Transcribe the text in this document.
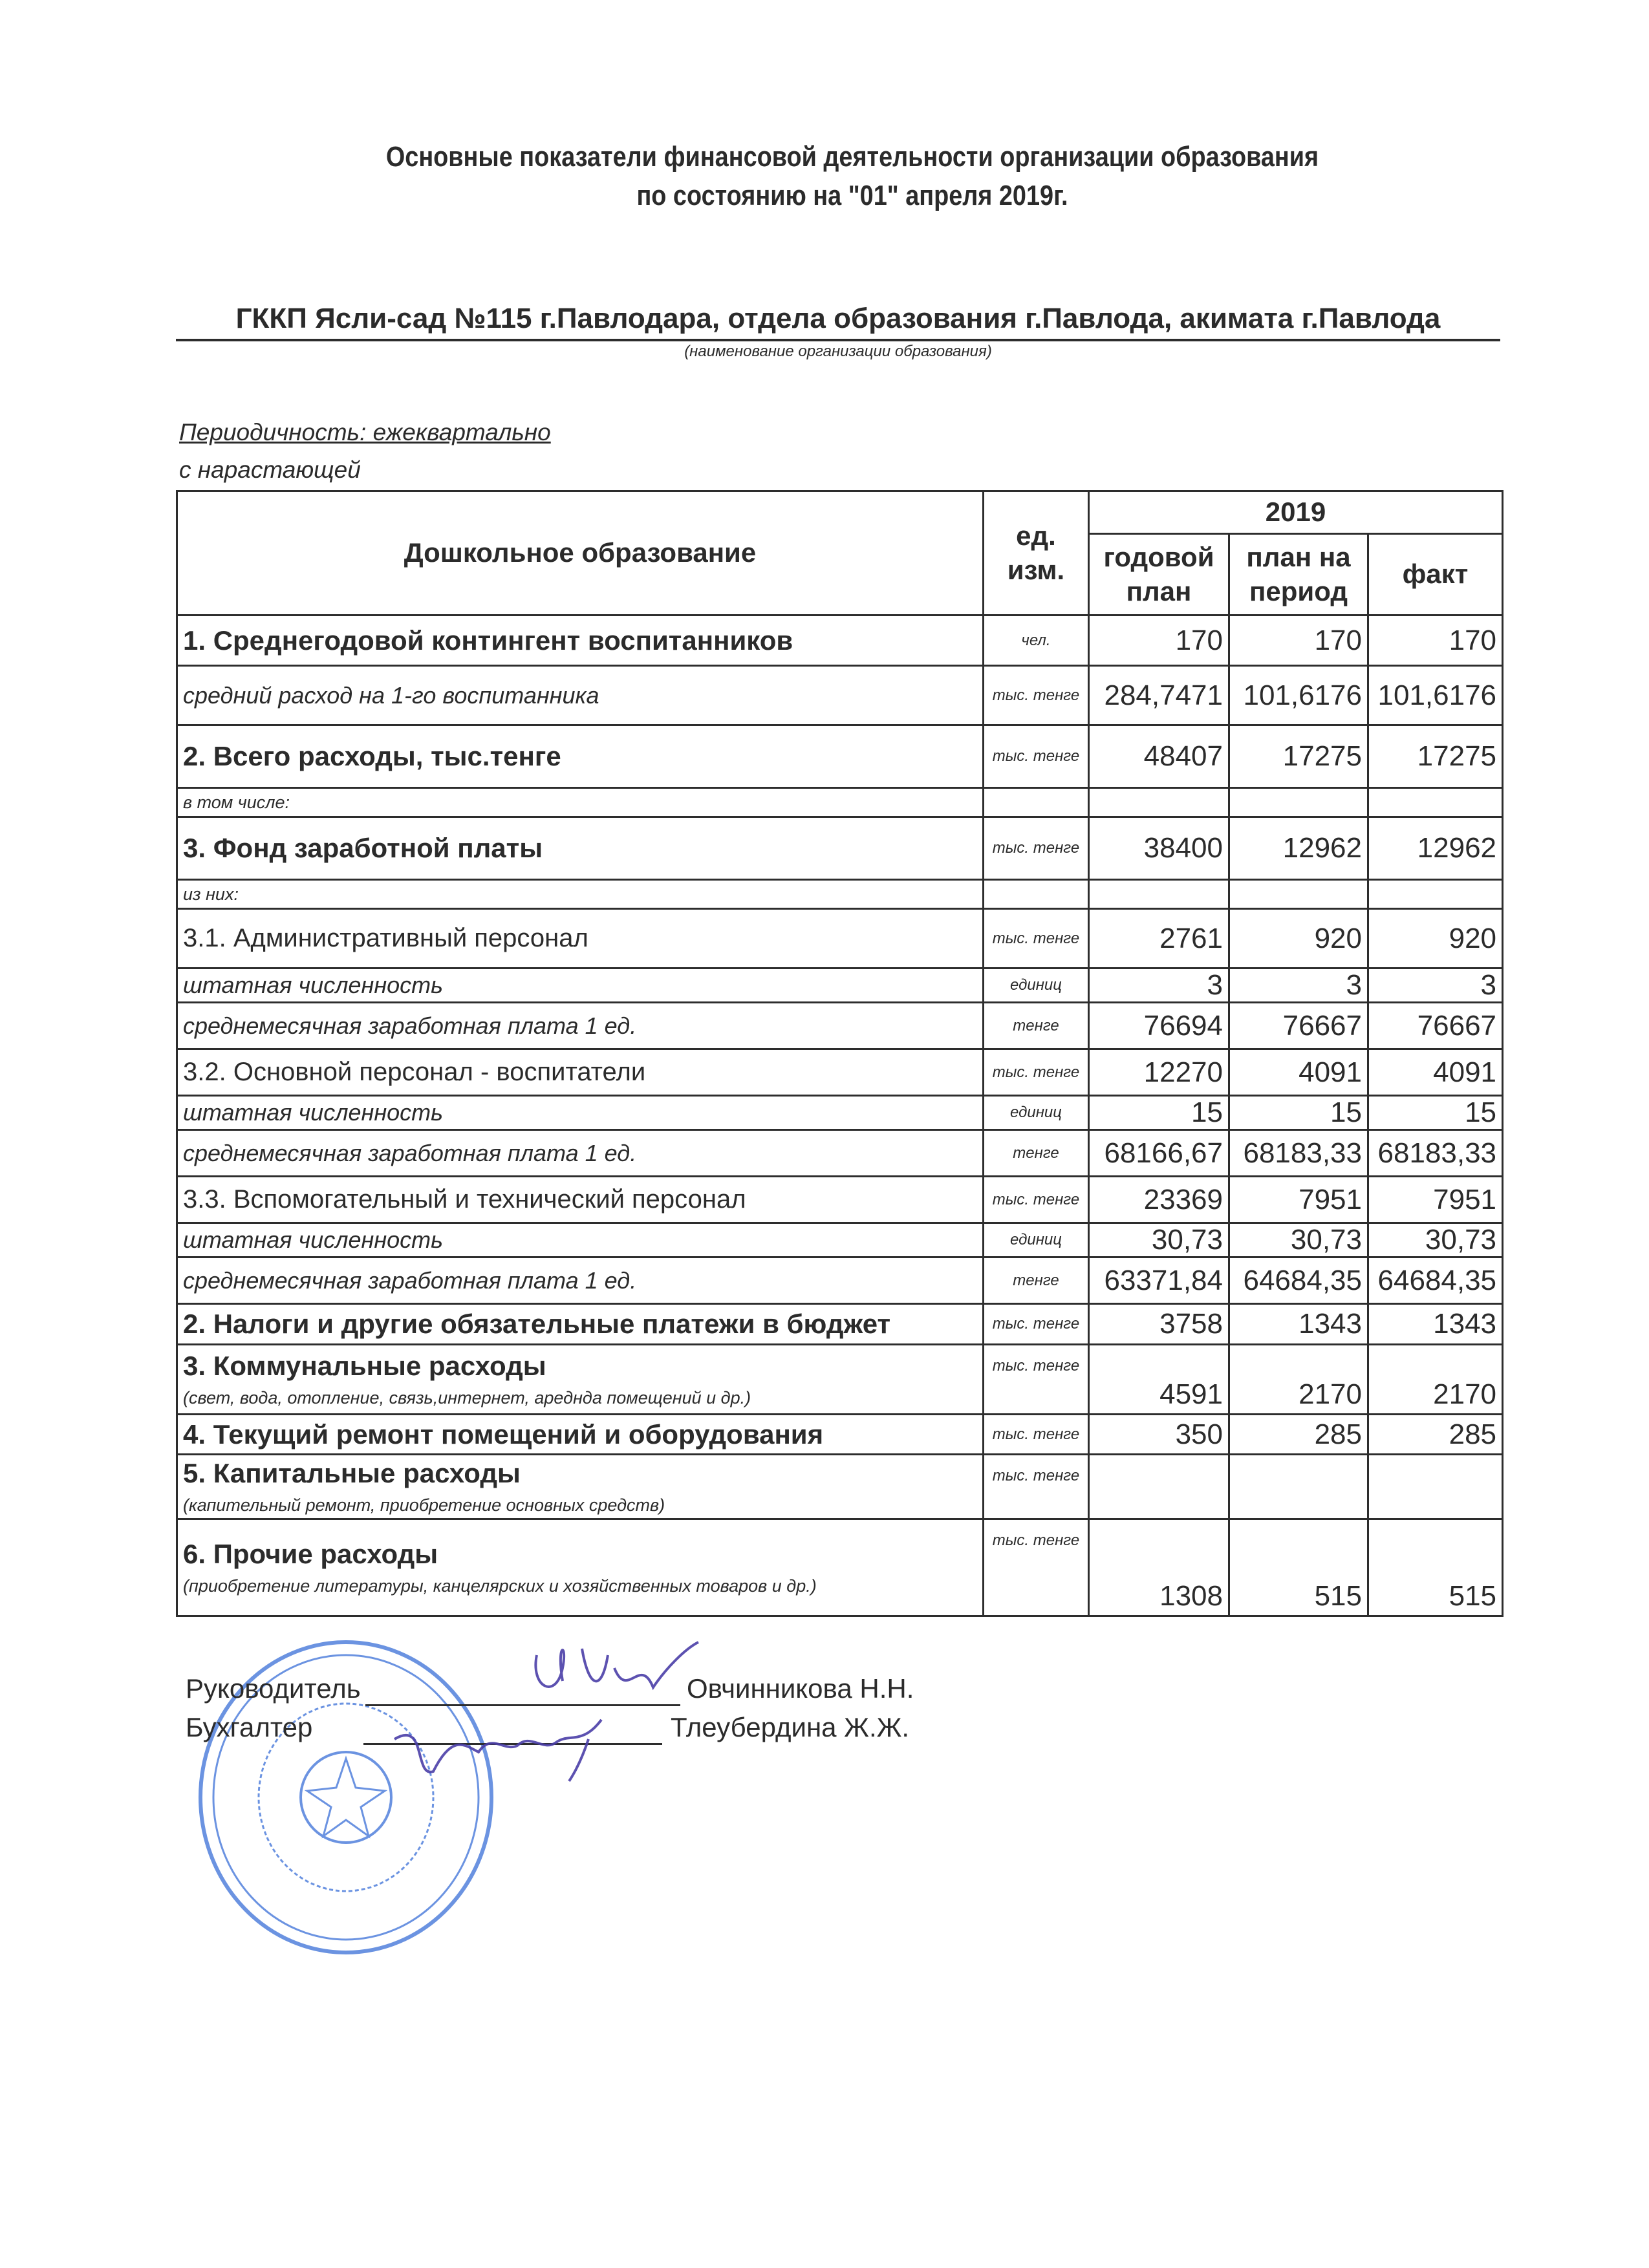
Основные показатели финансовой деятельности организации образования
по состоянию на "01" апреля 2019г.
ГККП Ясли-сад №115 г.Павлодара, отдела образования г.Павлода, акимата г.Павлода
(наименование организации образования)
Периодичность: ежеквартально
с нарастающей
Дошкольное образование	ед. изм.	2019		
		годовой план	план на период	факт
1. Среднегодовой контингент воспитанников	чел.	170	170	170
средний расход на 1-го воспитанника	тыс. тенге	284,7471	101,6176	101,6176
2. Всего расходы, тыс.тенге	тыс. тенге	48407	17275	17275
в том числе:				
3. Фонд заработной платы	тыс. тенге	38400	12962	12962
из них:				
3.1. Административный персонал	тыс. тенге	2761	920	920
штатная численность	единиц	3	3	3
среднемесячная заработная плата 1 ед.	тенге	76694	76667	76667
3.2. Основной персонал - воспитатели	тыс. тенге	12270	4091	4091
штатная численность	единиц	15	15	15
среднемесячная заработная плата 1 ед.	тенге	68166,67	68183,33	68183,33
3.3. Вспомогательный и технический персонал	тыс. тенге	23369	7951	7951
штатная численность	единиц	30,73	30,73	30,73
среднемесячная заработная плата 1 ед.	тенге	63371,84	64684,35	64684,35
2. Налоги и другие обязательные платежи в бюджет	тыс. тенге	3758	1343	1343
3. Коммунальные расходы
(свет, вода, отопление, связь,интернет, аредндa помещений и др.)	тыс. тенге	4591	2170	2170
4. Текущий ремонт помещений и оборудования	тыс. тенге	350	285	285
5. Капитальные расходы
(капительный ремонт, приобретение основных средств)	тыс. тенге			
6. Прочие расходы
(приобретение литературы, канцелярских и хозяйственных товаров и др.)	тыс. тенге	1308	515	515
Руководитель	Овчинникова Н.Н.
Бухгалтер	Тлеубердина Ж.Ж.
